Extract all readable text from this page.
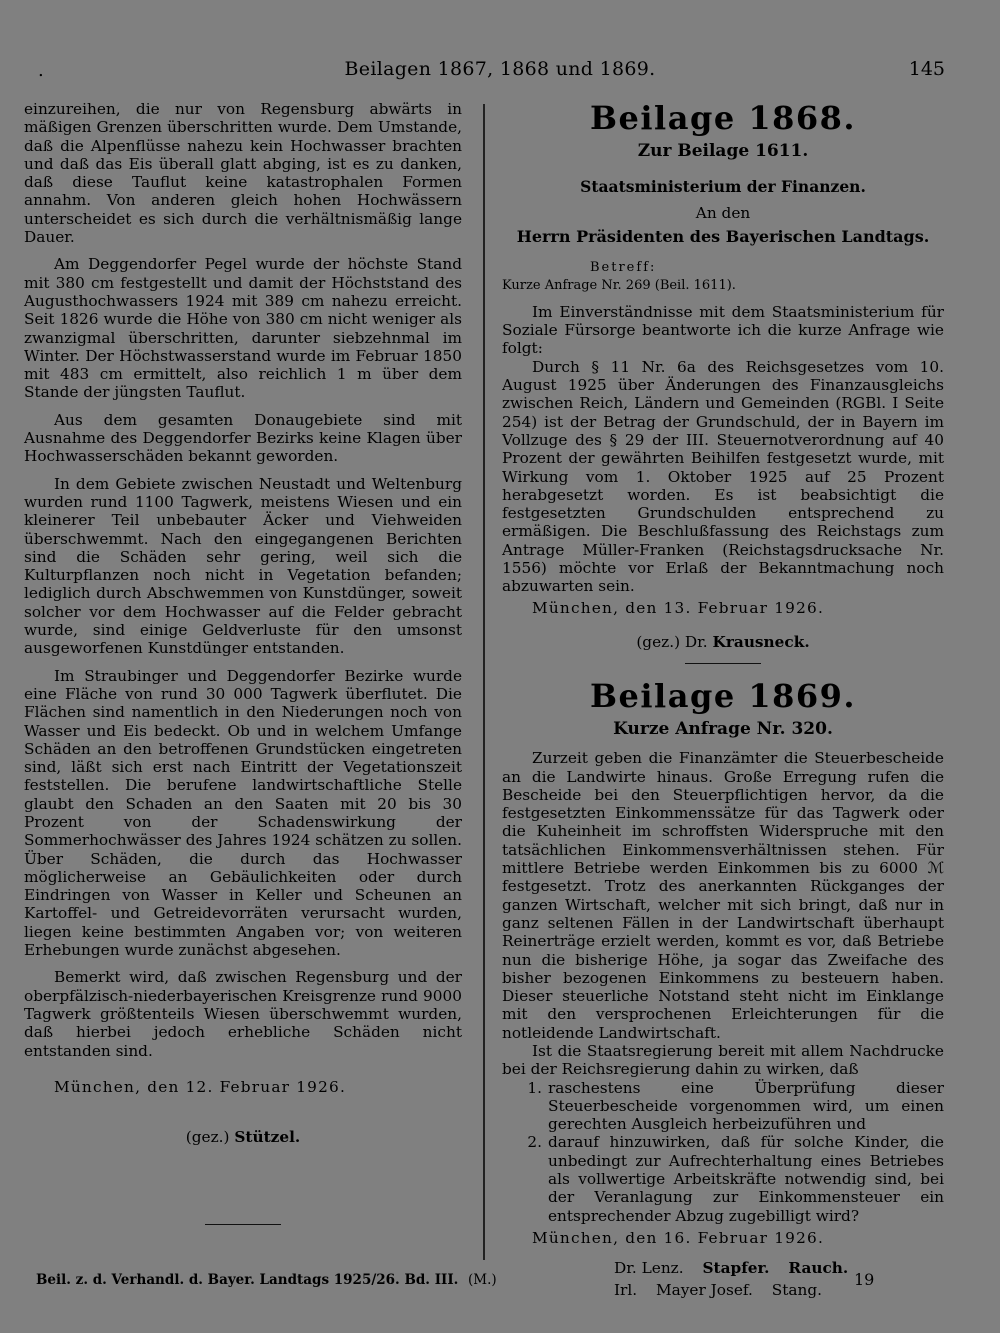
.	Beilagen 1867, 1868 und 1869.	145

einzureihen, die nur von Regensburg abwärts in mäßigen Grenzen überschritten wurde. Dem Umstande, daß die Alpenflüsse nahezu kein Hochwasser brachten und daß das Eis überall glatt abging, ist es zu danken, daß diese Tauflut keine katastrophalen Formen annahm. Von anderen gleich hohen Hochwässern unterscheidet es sich durch die verhältnismäßig lange Dauer.

Am Deggendorfer Pegel wurde der höchste Stand mit 380 cm festgestellt und damit der Höchststand des Augusthochwassers 1924 mit 389 cm nahezu erreicht. Seit 1826 wurde die Höhe von 380 cm nicht weniger als zwanzigmal überschritten, darunter siebzehnmal im Winter. Der Höchstwasserstand wurde im Februar 1850 mit 483 cm ermittelt, also reichlich 1 m über dem Stande der jüngsten Tauflut.

Aus dem gesamten Donaugebiete sind mit Ausnahme des Deggendorfer Bezirks keine Klagen über Hochwasserschäden bekannt geworden.

In dem Gebiete zwischen Neustadt und Weltenburg wurden rund 1100 Tagwerk, meistens Wiesen und ein kleinerer Teil unbebauter Äcker und Viehweiden überschwemmt. Nach den eingegangenen Berichten sind die Schäden sehr gering, weil sich die Kulturpflanzen noch nicht in Vegetation befanden; lediglich durch Abschwemmen von Kunstdünger, soweit solcher vor dem Hochwasser auf die Felder gebracht wurde, sind einige Geldverluste für den umsonst ausgeworfenen Kunstdünger entstanden.

Im Straubinger und Deggendorfer Bezirke wurde eine Fläche von rund 30 000 Tagwerk überflutet. Die Flächen sind namentlich in den Niederungen noch von Wasser und Eis bedeckt. Ob und in welchem Umfange Schäden an den betroffenen Grundstücken eingetreten sind, läßt sich erst nach Eintritt der Vegetationszeit feststellen. Die berufene landwirtschaftliche Stelle glaubt den Schaden an den Saaten mit 20 bis 30 Prozent von der Schadenswirkung der Sommerhochwässer des Jahres 1924 schätzen zu sollen. Über Schäden, die durch das Hochwasser möglicherweise an Gebäulichkeiten oder durch Eindringen von Wasser in Keller und Scheunen an Kartoffel- und Getreidevorräten verursacht wurden, liegen keine bestimmten Angaben vor; von weiteren Erhebungen wurde zunächst abgesehen.

Bemerkt wird, daß zwischen Regensburg und der oberpfälzisch-niederbayerischen Kreisgrenze rund 9000 Tagwerk größtenteils Wiesen überschwemmt wurden, daß hierbei jedoch erhebliche Schäden nicht entstanden sind.

München, den 12. Februar 1926.
(gez.) Stützel.
Beilage 1868.
Zur Beilage 1611.
Staatsministerium der Finanzen.
An den
Herrn Präsidenten des Bayerischen Landtags.
Betreff:
Kurze Anfrage Nr. 269 (Beil. 1611).

Im Einverständnisse mit dem Staatsministerium für Soziale Fürsorge beantworte ich die kurze Anfrage wie folgt:

Durch § 11 Nr. 6a des Reichsgesetzes vom 10. August 1925 über Änderungen des Finanzausgleichs zwischen Reich, Ländern und Gemeinden (RGBl. I Seite 254) ist der Betrag der Grundschuld, der in Bayern im Vollzuge des § 29 der III. Steuernotverordnung auf 40 Prozent der gewährten Beihilfen festgesetzt wurde, mit Wirkung vom 1. Oktober 1925 auf 25 Prozent herabgesetzt worden. Es ist beabsichtigt die festgesetzten Grundschulden entsprechend zu ermäßigen. Die Beschlußfassung des Reichstags zum Antrage Müller-Franken (Reichstagsdrucksache Nr. 1556) möchte vor Erlaß der Bekanntmachung noch abzuwarten sein.

München, den 13. Februar 1926.
(gez.) Dr. Krausneck.
Beilage 1869.
Kurze Anfrage Nr. 320.

Zurzeit geben die Finanzämter die Steuerbescheide an die Landwirte hinaus. Große Erregung rufen die Bescheide bei den Steuerpflichtigen hervor, da die festgesetzten Einkommenssätze für das Tagwerk oder die Kuheinheit im schroffsten Widerspruche mit den tatsächlichen Einkommensverhältnissen stehen. Für mittlere Betriebe werden Einkommen bis zu 6000 ℳ festgesetzt. Trotz des anerkannten Rückganges der ganzen Wirtschaft, welcher mit sich bringt, daß nur in ganz seltenen Fällen in der Landwirtschaft überhaupt Reinerträge erzielt werden, kommt es vor, daß Betriebe nun die bisherige Höhe, ja sogar das Zweifache des bisher bezogenen Einkommens zu besteuern haben. Dieser steuerliche Notstand steht nicht im Einklange mit den versprochenen Erleichterungen für die notleidende Landwirtschaft.

Ist die Staatsregierung bereit mit allem Nachdrucke bei der Reichsregierung dahin zu wirken, daß

1. raschestens eine Überprüfung dieser Steuerbescheide vorgenommen wird, um einen gerechten Ausgleich herbeizuführen und
2. darauf hinzuwirken, daß für solche Kinder, die unbedingt zur Aufrechterhaltung eines Betriebes als vollwertige Arbeitskräfte notwendig sind, bei der Veranlagung zur Einkommensteuer ein entsprechender Abzug zugebilligt wird?
München, den 16. Februar 1926.
Dr. Lenz. Stapfer. Rauch.
Irl. Mayer Josef. Stang.
Beil. z. d. Verhandl. d. Bayer. Landtags 1925/26. Bd. III. (M.)	19
